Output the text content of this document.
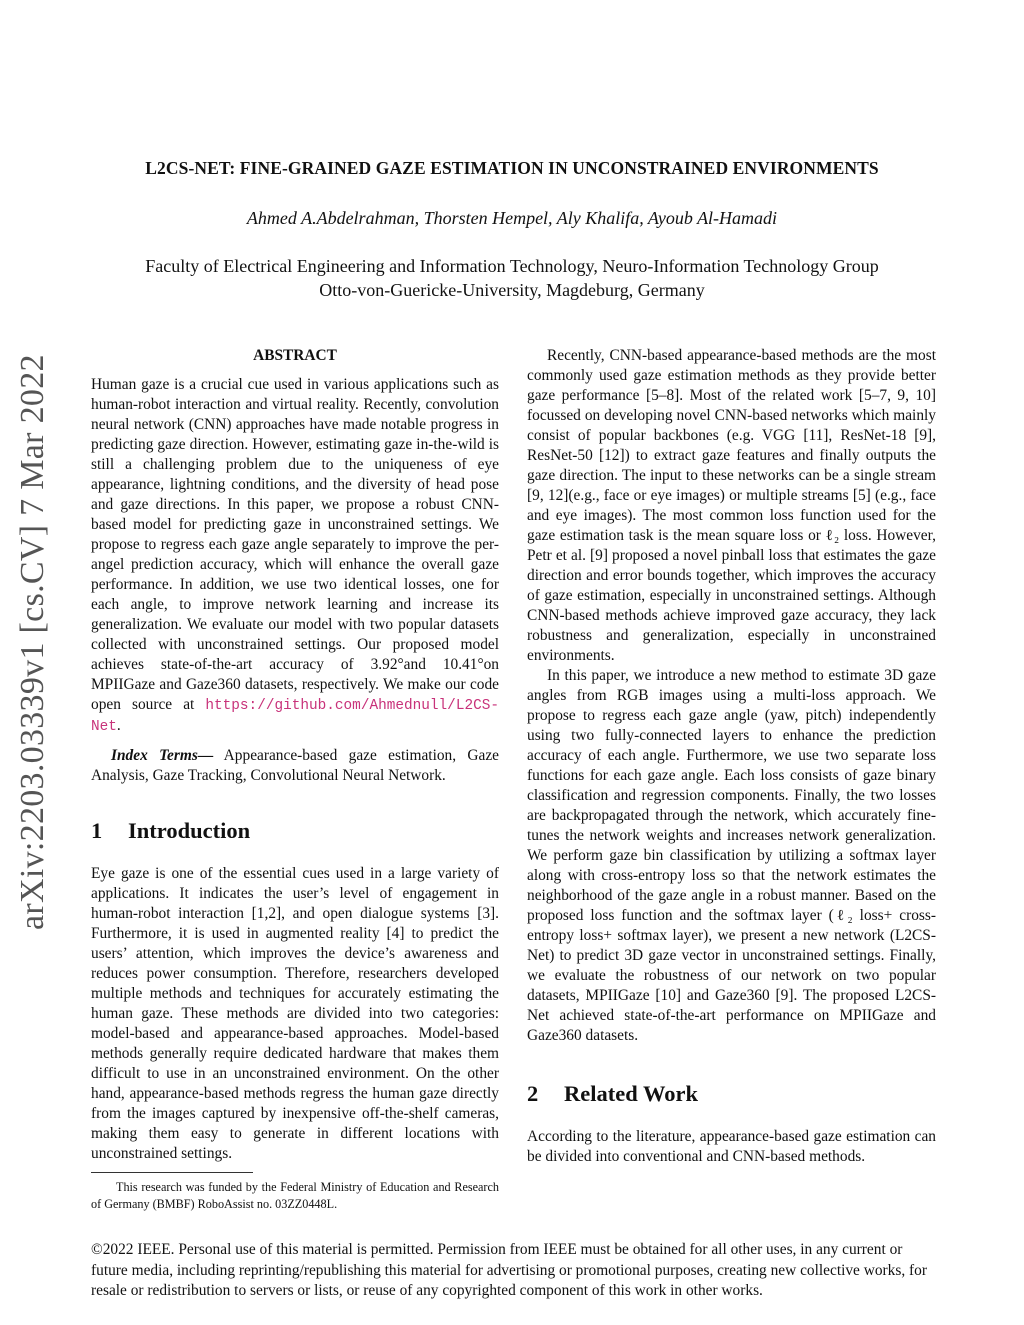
arXiv:2203.03339v1 [cs.CV] 7 Mar 2022
L2CS-NET: FINE-GRAINED GAZE ESTIMATION IN UNCONSTRAINED ENVIRONMENTS
Ahmed A.Abdelrahman, Thorsten Hempel, Aly Khalifa, Ayoub Al-Hamadi
Faculty of Electrical Engineering and Information Technology, Neuro-Information Technology Group
Otto-von-Guericke-University, Magdeburg, Germany
ABSTRACT

Human gaze is a crucial cue used in various applications such as human-robot interaction and virtual reality. Recently, convolution neural network (CNN) approaches have made notable progress in predicting gaze direction. However, estimating gaze in-the-wild is still a challenging problem due to the uniqueness of eye appearance, lightning conditions, and the diversity of head pose and gaze directions. In this paper, we propose a robust CNN-based model for predicting gaze in unconstrained settings. We propose to regress each gaze angle separately to improve the per-angel prediction accuracy, which will enhance the overall gaze performance. In addition, we use two identical losses, one for each angle, to improve network learning and increase its generalization. We evaluate our model with two popular datasets collected with unconstrained settings. Our proposed model achieves state-of-the-art accuracy of 3.92°and 10.41°on MPIIGaze and Gaze360 datasets, respectively. We make our code open source at https://github.com/Ahmednull/L2CS-Net.

Index Terms— Appearance-based gaze estimation, Gaze Analysis, Gaze Tracking, Convolutional Neural Network.

1 Introduction

Eye gaze is one of the essential cues used in a large variety of applications. It indicates the user’s level of engagement in human-robot interaction [1,2], and open dialogue systems [3]. Furthermore, it is used in augmented reality [4] to predict the users’ attention, which improves the device’s awareness and reduces power consumption. Therefore, researchers developed multiple methods and techniques for accurately estimating the human gaze. These methods are divided into two categories: model-based and appearance-based approaches. Model-based methods generally require dedicated hardware that makes them difficult to use in an unconstrained environment. On the other hand, appearance-based methods regress the human gaze directly from the images captured by inexpensive off-the-shelf cameras, making them easy to generate in different locations with unconstrained settings.

Recently, CNN-based appearance-based methods are the most commonly used gaze estimation methods as they provide better gaze performance [5–8]. Most of the related work [5–7, 9, 10] focussed on developing novel CNN-based networks which mainly consist of popular backbones (e.g. VGG [11], ResNet-18 [9], ResNet-50 [12]) to extract gaze features and finally outputs the gaze direction. The input to these networks can be a single stream [9, 12](e.g., face or eye images) or multiple streams [5] (e.g., face and eye images). The most common loss function used for the gaze estimation task is the mean square loss or ℓ₂ loss. However, Petr et al. [9] proposed a novel pinball loss that estimates the gaze direction and error bounds together, which improves the accuracy of gaze estimation, especially in unconstrained settings. Although CNN-based methods achieve improved gaze accuracy, they lack robustness and generalization, especially in unconstrained environments.

In this paper, we introduce a new method to estimate 3D gaze angles from RGB images using a multi-loss approach. We propose to regress each gaze angle (yaw, pitch) independently using two fully-connected layers to enhance the prediction accuracy of each angle. Furthermore, we use two separate loss functions for each gaze angle. Each loss consists of gaze binary classification and regression components. Finally, the two losses are backpropagated through the network, which accurately fine-tunes the network weights and increases network generalization. We perform gaze bin classification by utilizing a softmax layer along with cross-entropy loss so that the network estimates the neighborhood of the gaze angle in a robust manner. Based on the proposed loss function and the softmax layer (ℓ₂ loss+ cross-entropy loss+ softmax layer), we present a new network (L2CS-Net) to predict 3D gaze vector in unconstrained settings. Finally, we evaluate the robustness of our network on two popular datasets, MPIIGaze [10] and Gaze360 [9]. The proposed L2CS-Net achieved state-of-the-art performance on MPIIGaze and Gaze360 datasets.

2 Related Work

According to the literature, appearance-based gaze estimation can be divided into conventional and CNN-based methods.

This research was funded by the Federal Ministry of Education and Research of Germany (BMBF) RoboAssist no. 03ZZ0448L.
©2022 IEEE. Personal use of this material is permitted. Permission from IEEE must be obtained for all other uses, in any current or future media, including reprinting/republishing this material for advertising or promotional purposes, creating new collective works, for resale or redistribution to servers or lists, or reuse of any copyrighted component of this work in other works.
